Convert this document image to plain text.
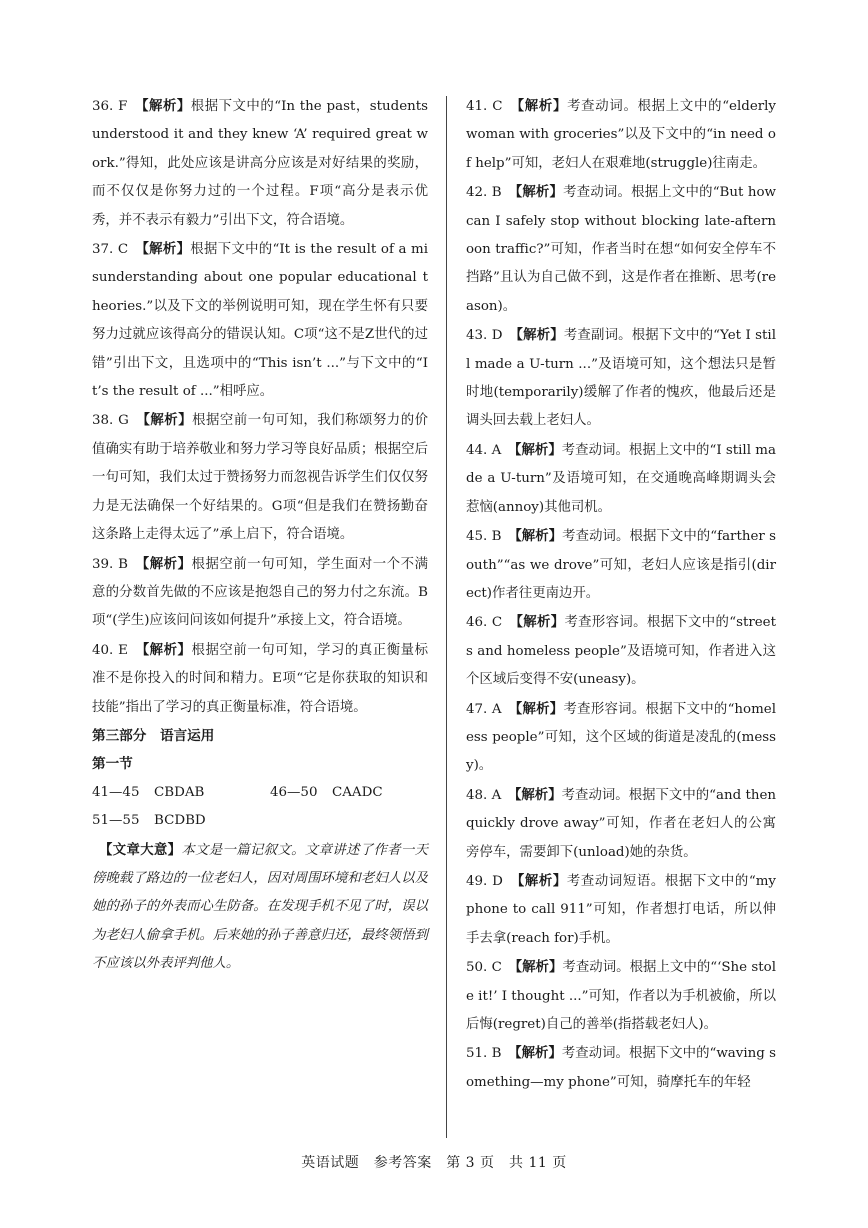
36. F　 【解析】根据下文中的“In the past，students understood it and they knew ‘A’ required great work.”得知，此处应该是讲高分应该是对好结果的奖励，而不仅仅是你努力过的一个过程。F项“高分是表示优秀，并不表示有毅力”引出下文，符合语境。

37. C　 【解析】根据下文中的“It is the result of a misunderstanding about one popular educational theories.”以及下文的举例说明可知，现在学生怀有只要努力过就应该得高分的错误认知。C项“这不是Z世代的过错”引出下文，且选项中的“This isn’t ...”与下文中的“It’s the result of ...”相呼应。

38. G　 【解析】根据空前一句可知，我们称颂努力的价值确实有助于培养敬业和努力学习等良好品质；根据空后一句可知，我们太过于赞扬努力而忽视告诉学生们仅仅努力是无法确保一个好结果的。G项“但是我们在赞扬勤奋这条路上走得太远了”承上启下，符合语境。

39. B　 【解析】根据空前一句可知，学生面对一个不满意的分数首先做的不应该是抱怨自己的努力付之东流。B项“(学生)应该问问该如何提升”承接上文，符合语境。

40. E　 【解析】根据空前一句可知，学习的真正衡量标准不是你投入的时间和精力。E项“它是你获取的知识和技能”指出了学习的真正衡量标准，符合语境。

第三部分　语言运用

第一节

41—45	CBDAB	46—50	CAADC

51—55	BCDBD

　【文章大意】本文是一篇记叙文。文章讲述了作者一天傍晚载了路边的一位老妇人，因对周围环境和老妇人以及她的孙子的外表而心生防备。在发现手机不见了时，误以为老妇人偷拿手机。后来她的孙子善意归还，最终领悟到不应该以外表评判他人。

41. C　 【解析】考查动词。根据上文中的“elderly woman with groceries”以及下文中的“in need of help”可知，老妇人在艰难地(struggle)往南走。

42. B　 【解析】考查动词。根据上文中的“But how can I safely stop without blocking late-afternoon traffic?”可知，作者当时在想“如何安全停车不挡路”且认为自己做不到，这是作者在推断、思考(reason)。

43. D　 【解析】考查副词。根据下文中的“Yet I still made a U-turn ...”及语境可知，这个想法只是暂时地(temporarily)缓解了作者的愧疚，他最后还是调头回去载上老妇人。

44. A　 【解析】考查动词。根据上文中的“I still made a U-turn”及语境可知，在交通晚高峰期调头会惹恼(annoy)其他司机。

45. B　 【解析】考查动词。根据下文中的“farther south”“as we drove”可知，老妇人应该是指引(direct)作者往更南边开。

46. C　 【解析】考查形容词。根据下文中的“streets and homeless people”及语境可知，作者进入这个区域后变得不安(uneasy)。

47. A　 【解析】考查形容词。根据下文中的“homeless people”可知，这个区域的街道是凌乱的(messy)。

48. A　 【解析】考查动词。根据下文中的“and then quickly drove away”可知，作者在老妇人的公寓旁停车，需要卸下(unload)她的杂货。

49. D　 【解析】考查动词短语。根据下文中的“my phone to call 911”可知，作者想打电话，所以伸手去拿(reach for)手机。

50. C　 【解析】考查动词。根据上文中的“‘She stole it!’ I thought ...”可知，作者以为手机被偷，所以后悔(regret)自己的善举(指搭载老妇人)。

51. B　 【解析】考查动词。根据下文中的“waving something—my phone”可知，骑摩托车的年轻

英语试题　参考答案　第 3 页　共 11 页
